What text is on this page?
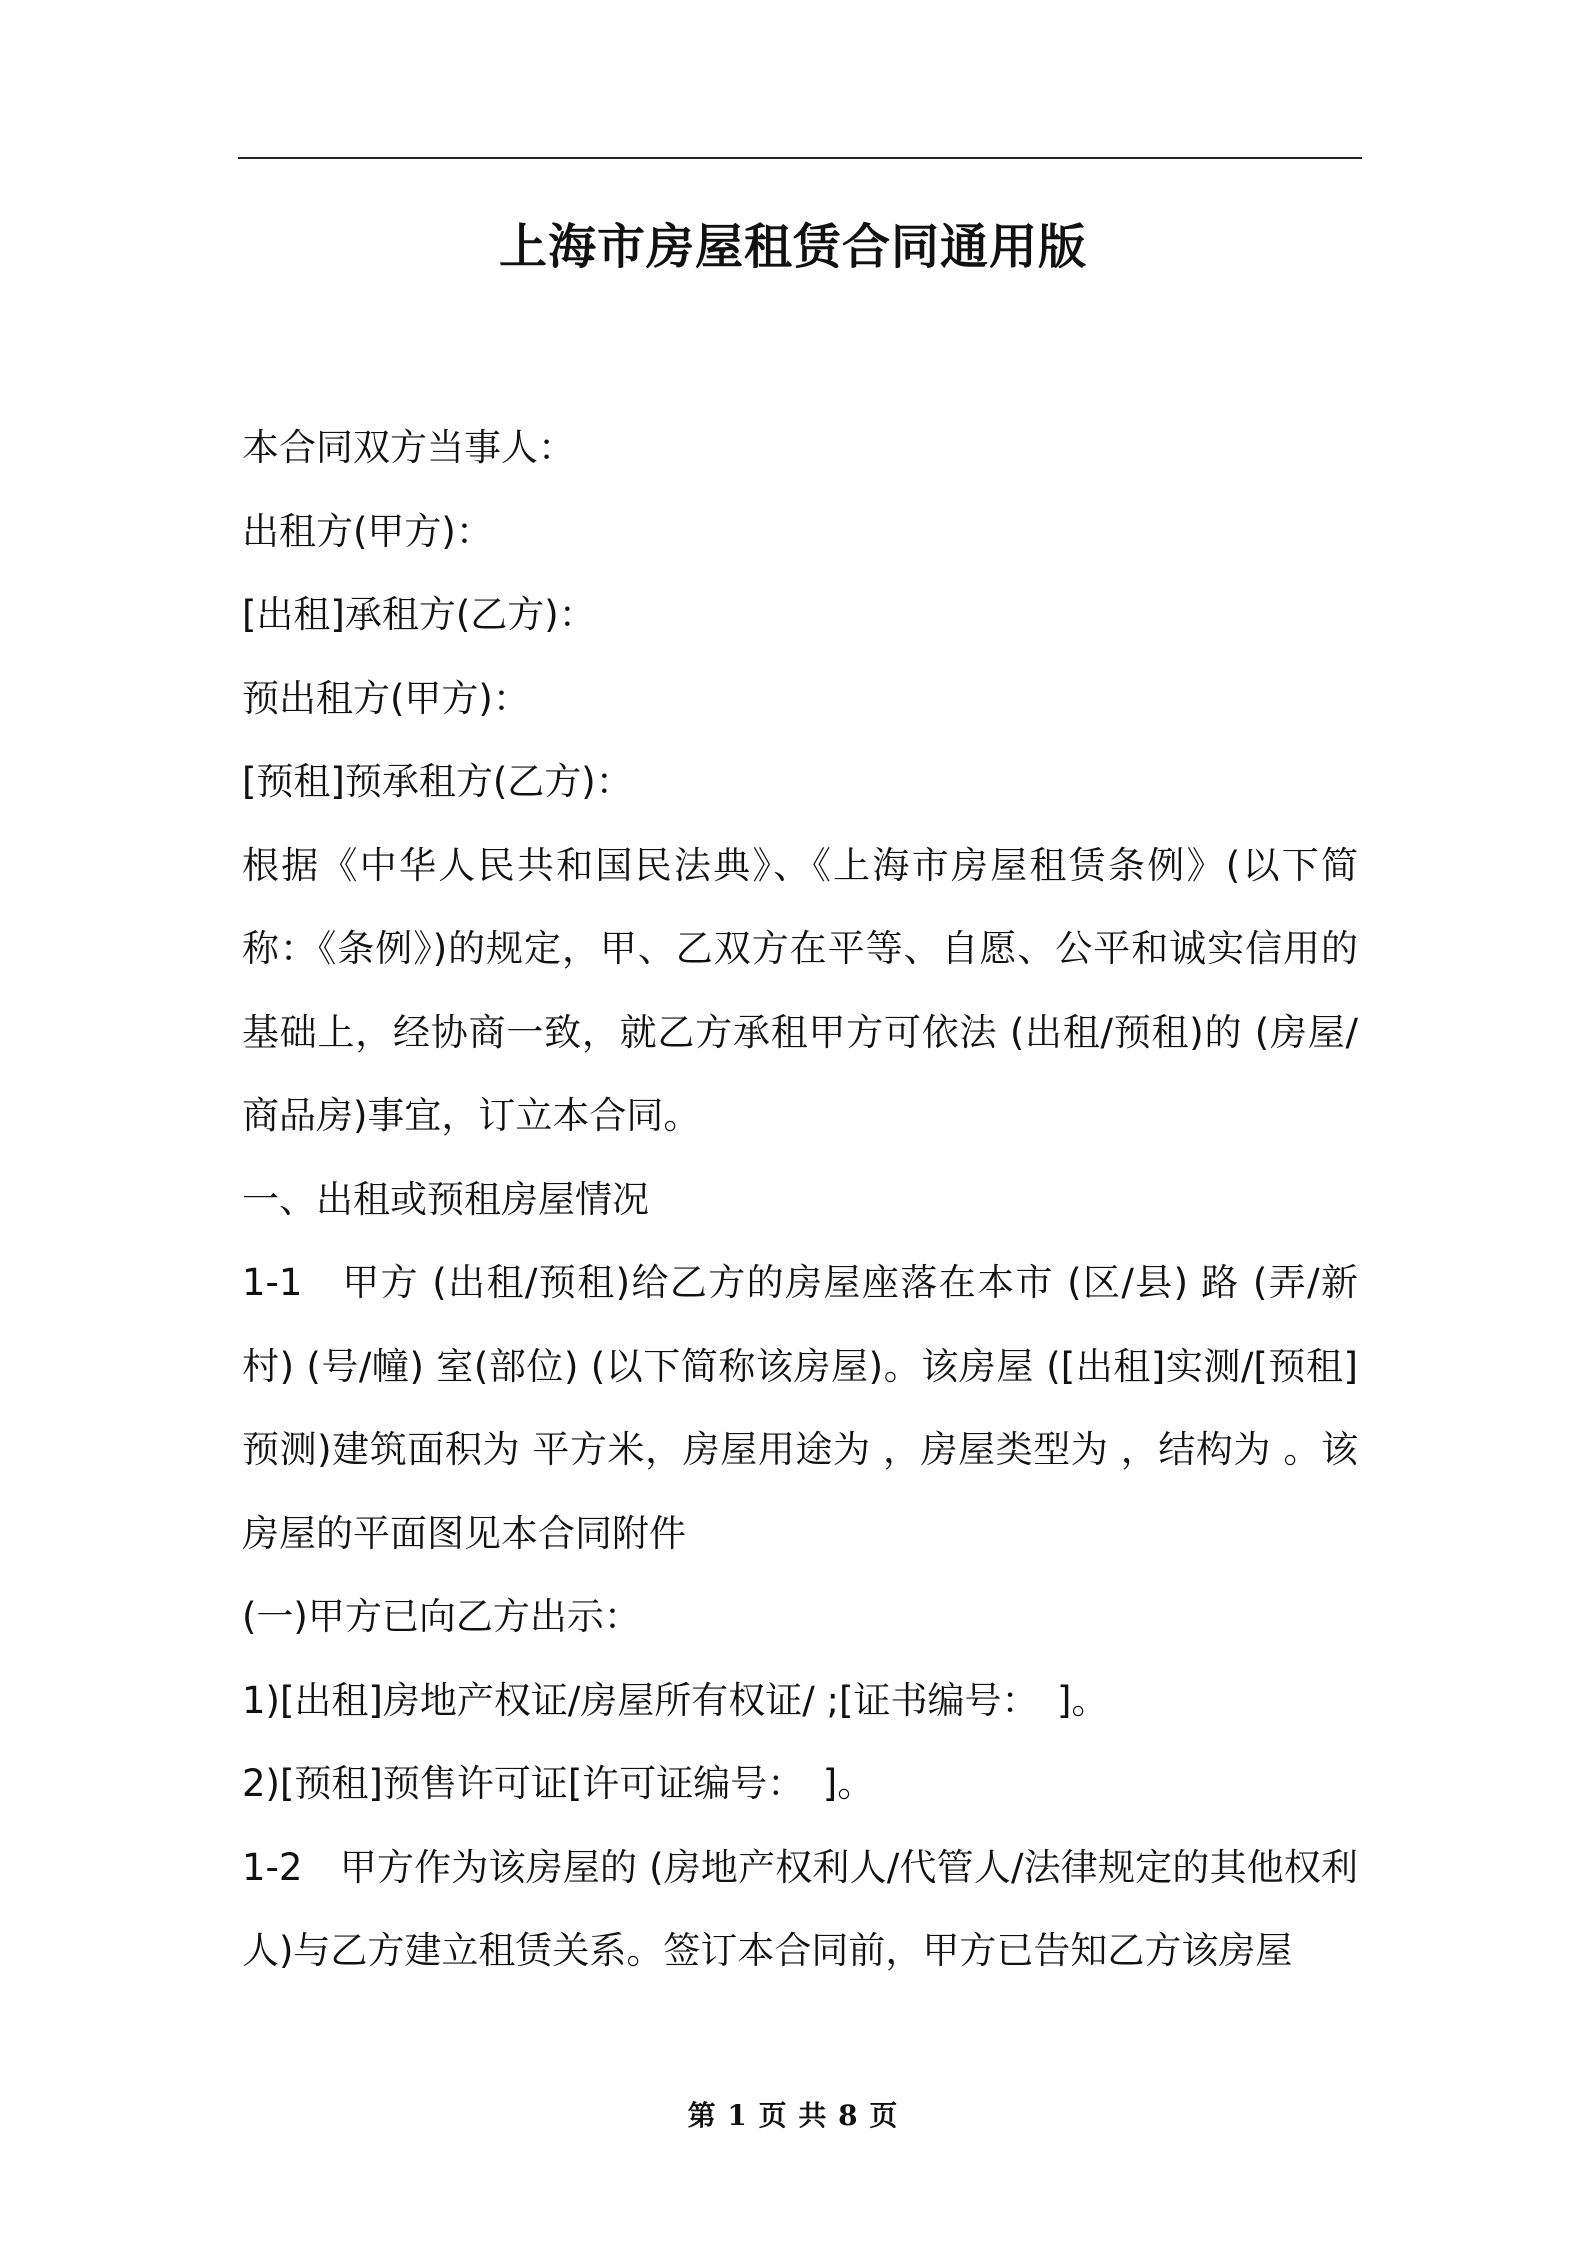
上海市房屋租赁合同通用版

本合同双方当事人：

出租方(甲方)：

[出租]承租方(乙方)：

预出租方(甲方)：

[预租]预承租方(乙方)：

根据《中华人民共和国民法典》、《上海市房屋租赁条例》(以下简称：《条例》)的规定，甲、乙双方在平等、自愿、公平和诚实信用的基础上，经协商一致，就乙方承租甲方可依法 (出租/预租)的 (房屋/商品房)事宜，订立本合同。

一、出租或预租房屋情况

1-1　甲方 (出租/预租)给乙方的房屋座落在本市 (区/县) 路 (弄/新村) (号/幢) 室(部位) (以下简称该房屋)。该房屋 ([出租]实测/[预租]预测)建筑面积为 平方米，房屋用途为 ，房屋类型为 ，结构为 。该房屋的平面图见本合同附件

(一)甲方已向乙方出示：

1)[出租]房地产权证/房屋所有权证/ ;[证书编号：　]。

2)[预租]预售许可证[许可证编号：　]。

1-2　甲方作为该房屋的 (房地产权利人/代管人/法律规定的其他权利人)与乙方建立租赁关系。签订本合同前，甲方已告知乙方该房屋

第 1 页 共 8 页
